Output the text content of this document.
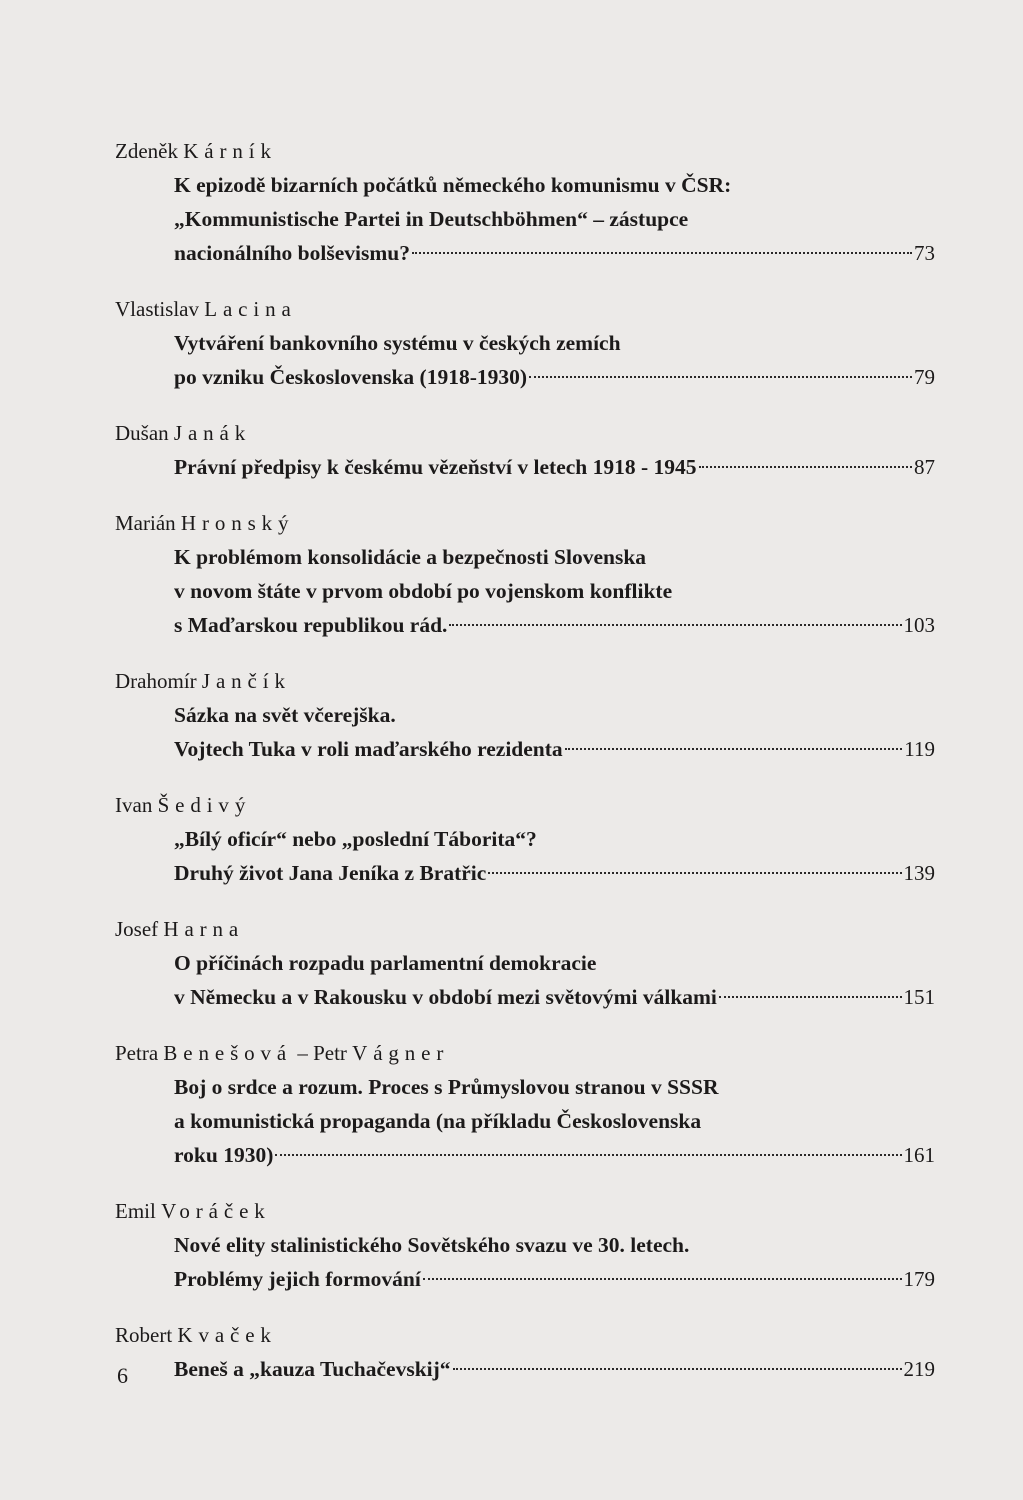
Zdeněk Kárník
K epizodě bizarních počátků německého komunismu v ČSR:
„Kommunistische Partei in Deutschböhmen“ – zástupce
nacionálního bolševismu?	73
Vlastislav Lacina
Vytváření bankovního systému v českých zemích
po vzniku Československa (1918-1930)	79
Dušan Janák
Právní předpisy k českému vězeňství v letech 1918 - 1945	87
Marián Hronský
K problémom konsolidácie a bezpečnosti Slovenska
v novom štáte v prvom období po vojenskom konflikte
s Maďarskou republikou rád.	103
Drahomír Jančík
Sázka na svět včerejška.
Vojtech Tuka v roli maďarského rezidenta	119
Ivan Šedivý
„Bílý oficír“ nebo „poslední Táborita“?
Druhý život Jana Jeníka z Bratřic	139
Josef Harna
O příčinách rozpadu parlamentní demokracie
v Německu a v Rakousku v období mezi světovými válkami	151
Petra Benešová – Petr Vágner
Boj o srdce a rozum. Proces s Průmyslovou stranou v SSSR
a komunistická propaganda (na příkladu Československa
roku 1930)	161
Emil Voráček
Nové elity stalinistického Sovětského svazu ve 30. letech.
Problémy jejich formování	179
Robert Kvaček
Beneš a „kauza Tuchačevskij“	219
6
